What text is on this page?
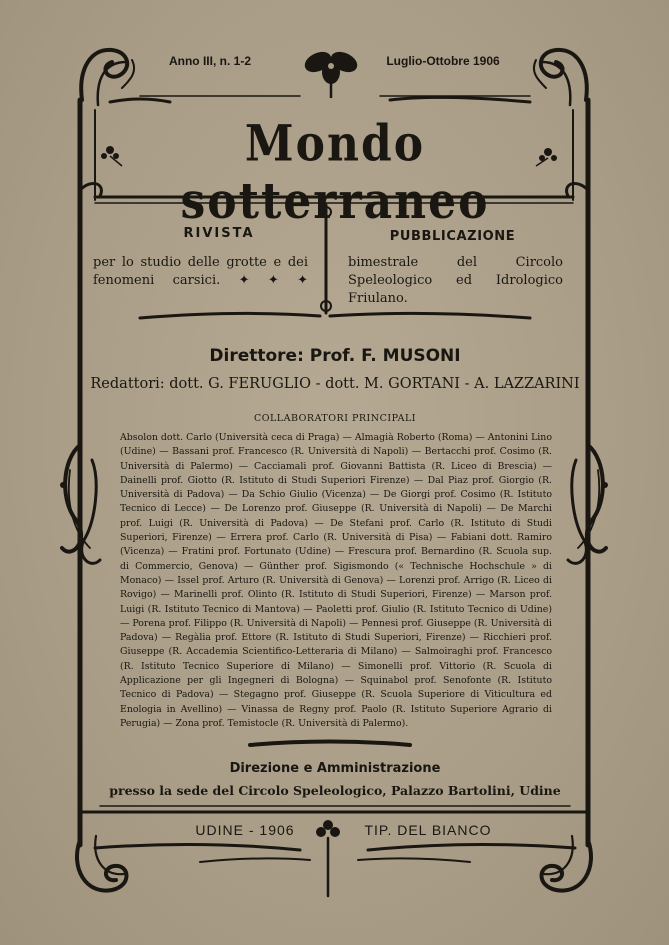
Anno III, n. 1-2	Luglio-Ottobre 1906
Mondo sotterraneo
RIVISTA
per lo studio delle grotte e dei fenomeni carsici. ✦ ✦ ✦
PUBBLICAZIONE
bimestrale del Circolo Speleologico ed Idrologico Friulano.
Direttore: Prof. F. MUSONI
Redattori: dott. G. FERUGLIO - dott. M. GORTANI - A. LAZZARINI
COLLABORATORI PRINCIPALI
Absolon dott. Carlo (Università ceca di Praga) — Almagià Roberto (Roma) — Antonini Lino (Udine) — Bassani prof. Francesco (R. Università di Napoli) — Bertacchi prof. Cosimo (R. Università di Palermo) — Cacciamali prof. Giovanni Battista (R. Liceo di Brescia) — Dainelli prof. Giotto (R. Istituto di Studi Superiori Firenze) — Dal Piaz prof. Giorgio (R. Università di Padova) — Da Schio Giulio (Vicenza) — De Giorgi prof. Cosimo (R. Istituto Tecnico di Lecce) — De Lorenzo prof. Giuseppe (R. Università di Napoli) — De Marchi prof. Luigi (R. Università di Padova) — De Stefani prof. Carlo (R. Istituto di Studi Superiori, Firenze) — Errera prof. Carlo (R. Università di Pisa) — Fabiani dott. Ramiro (Vicenza) — Fratini prof. Fortunato (Udine) — Frescura prof. Bernardino (R. Scuola sup. di Commercio, Genova) — Günther prof. Sigismondo (« Technische Hochschule » di Monaco) — Issel prof. Arturo (R. Università di Genova) — Lorenzi prof. Arrigo (R. Liceo di Rovigo) — Marinelli prof. Olinto (R. Istituto di Studi Superiori, Firenze) — Marson prof. Luigi (R. Istituto Tecnico di Mantova) — Paoletti prof. Giulio (R. Istituto Tecnico di Udine) — Porena prof. Filippo (R. Università di Napoli) — Pennesi prof. Giuseppe (R. Università di Padova) — Regàlia prof. Ettore (R. Istituto di Studi Superiori, Firenze) — Ricchieri prof. Giuseppe (R. Accademia Scientifico-Letteraria di Milano) — Salmoiraghi prof. Francesco (R. Istituto Tecnico Superiore di Milano) — Simonelli prof. Vittorio (R. Scuola di Applicazione per gli Ingegneri di Bologna) — Squinabol prof. Senofonte (R. Istituto Tecnico di Padova) — Stegagno prof. Giuseppe (R. Scuola Superiore di Viticultura ed Enologia in Avellino) — Vinassa de Regny prof. Paolo (R. Istituto Superiore Agrario di Perugia) — Zona prof. Temistocle (R. Università di Palermo).
Direzione e Amministrazione
presso la sede del Circolo Speleologico, Palazzo Bartolini, Udine
UDINE - 1906	TIP. DEL BIANCO
